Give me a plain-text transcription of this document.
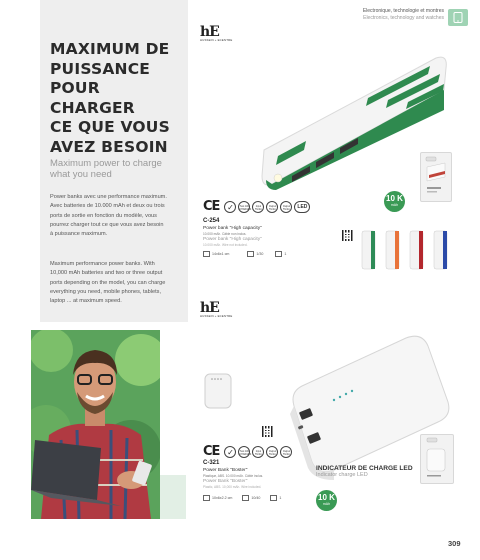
MAXIMUM DE
PUISSANCE
POUR CHARGER
CE QUE VOUS
AVEZ BESOIN
Maximum power to charge
what you need
Power banks avec une performance maximum. Avec batteries de 10.000 mAh et deux ou trois ports de sortie en fonction du modèle, vous pourrez charger tout ce que vous avez besoin à puissance maximum.
Maximum performance power banks. With 10,000 mAh batteries and two or three output ports depending on the model, you can charge everything you need, mobile phones, tablets, laptop ... at maximum speed.
Electronique, technologie et montres
Electronics, technology and watches
hE
HUSSEIN + ECENTRE
10 K
mAh
CE ✓	Test 100 CHARGES
Input 5V/2A
Output 5V/2A
Output 5V/2A	LED
C-254
Power bank "High capacity"
10.000 mAh. Câble non inclus.
Power bank "High capacity"
10.000 mAh. Wire not included.
14x6x1 cm	1/30	1
hE
HUSSEIN + ECENTRE
CE ✓	Test 100 CHARGES
Input 5V/2A
Output 5V/2A
Output 5V/2A
C-321
Power Bank "Boster"
Plastique, ABS. 10.000 mAh. Câble inclus.
Power Bank "Boster"
Plastic, ABS. 10,000 mAh. Wire included.
10x6x2.2 cm	10/40	1
INDICATEUR DE CHARGE LED
Indicator charge LED
10 K
mAh
309
